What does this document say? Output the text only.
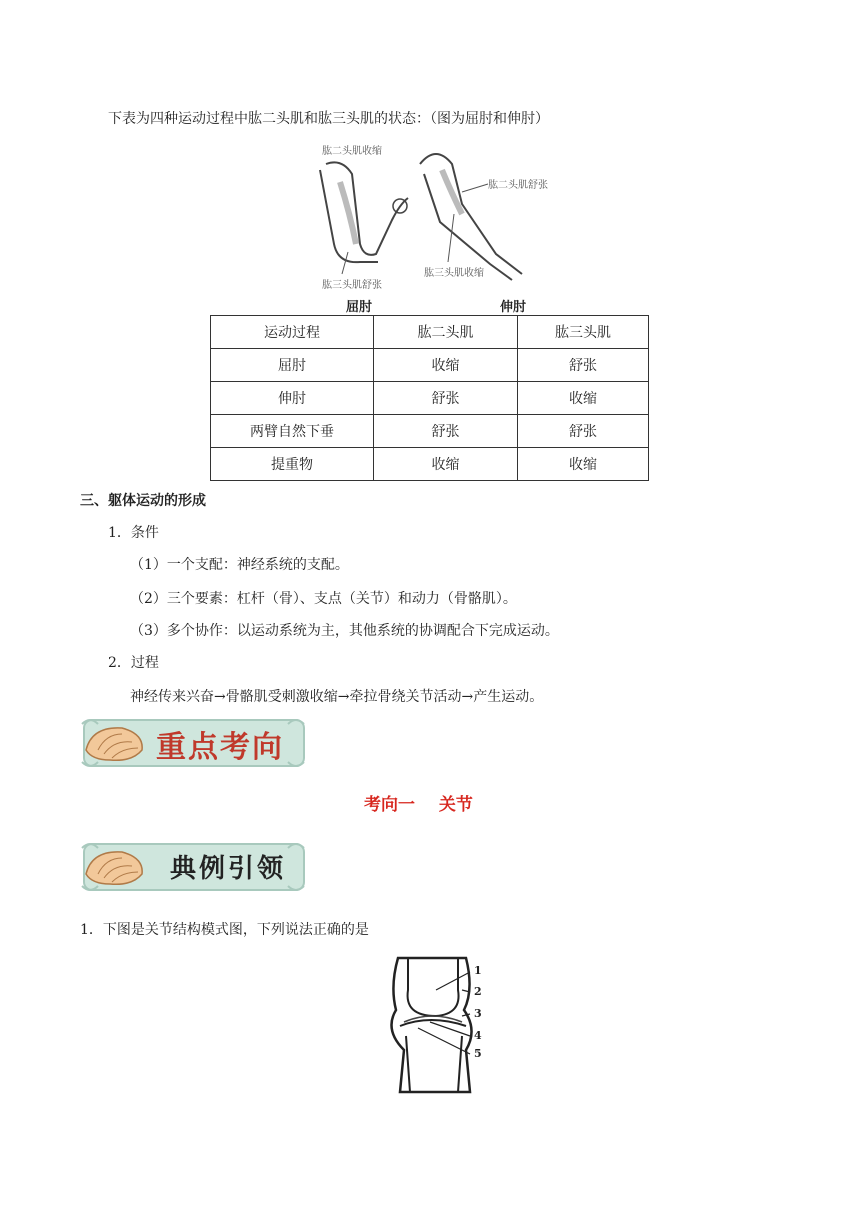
下表为四种运动过程中肱二头肌和肱三头肌的状态：（图为屈肘和伸肘）
肱二头肌收缩
肱二头肌舒张
肱三头肌舒张
肱三头肌收缩
屈肘	伸肘
运动过程	肱二头肌	肱三头肌
屈肘	收缩	舒张
伸肘	舒张	收缩
两臂自然下垂	舒张	舒张
提重物	收缩	收缩
三、躯体运动的形成
1．条件
（1）一个支配：神经系统的支配。
（2）三个要素：杠杆（骨）、支点（关节）和动力（骨骼肌）。
（3）多个协作：以运动系统为主，其他系统的协调配合下完成运动。
2．过程
神经传来兴奋→骨骼肌受刺激收缩→牵拉骨绕关节活动→产生运动。
重点考向
考向一 关节
典例引领
1．下图是关节结构模式图，下列说法正确的是
1
2
3
4
5
